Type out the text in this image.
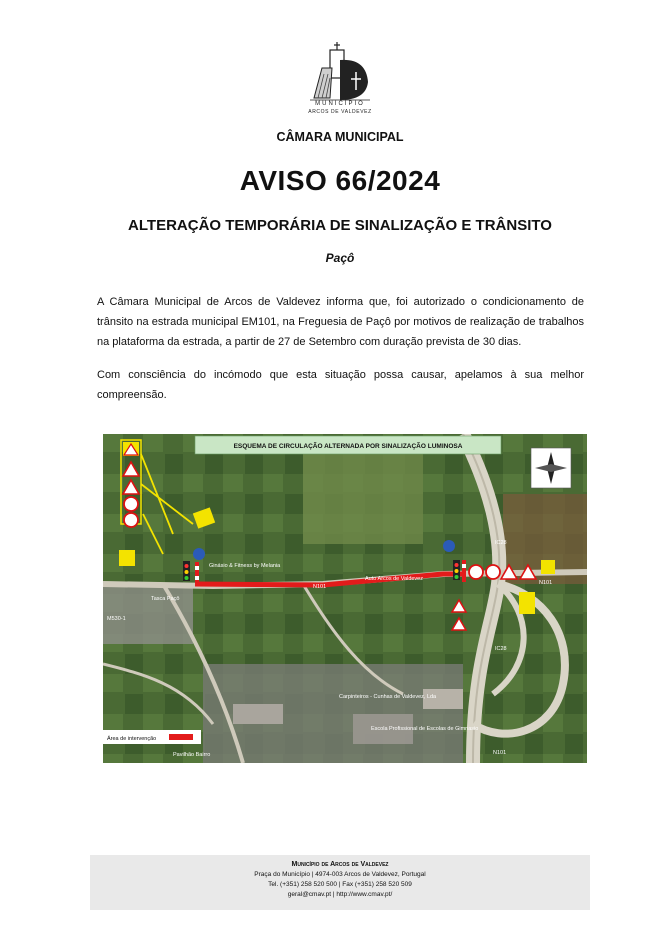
MUNICÍPIO
ARCOS DE VALDEVEZ
CÂMARA MUNICIPAL
AVISO 66/2024
ALTERAÇÃO TEMPORÁRIA DE SINALIZAÇÃO E TRÂNSITO
Paçô

A Câmara Municipal de Arcos de Valdevez informa que, foi autorizado o condicionamento de trânsito na estrada municipal EM101, na Freguesia de Paçô por motivos de realização de trabalhos na plataforma da estrada, a partir de 27 de Setembro com duração prevista de 30 dias.

Com consciência do incómodo que esta situação possa causar, apelamos à sua melhor compreensão.

ESQUEMA DE CIRCULAÇÃO ALTERNADA POR SINALIZAÇÃO LUMINOSA
N101
N101
N101
M530-1
IC28
IC28
Ginásio & Fitness by Melania
Auto Arcos de Valdevez
Tasca Paçô
Carpinteiros - Cunhas de Valdevez, Lda
Escola Profissional de Escolas de Gimnasio
Pavilhão Bairro
Área de intervenção
Município de Arcos de Valdevez
Praça do Município | 4974-003 Arcos de Valdevez, Portugal
Tel. (+351) 258 520 500 | Fax (+351) 258 520 509
geral@cmav.pt | http://www.cmav.pt/
